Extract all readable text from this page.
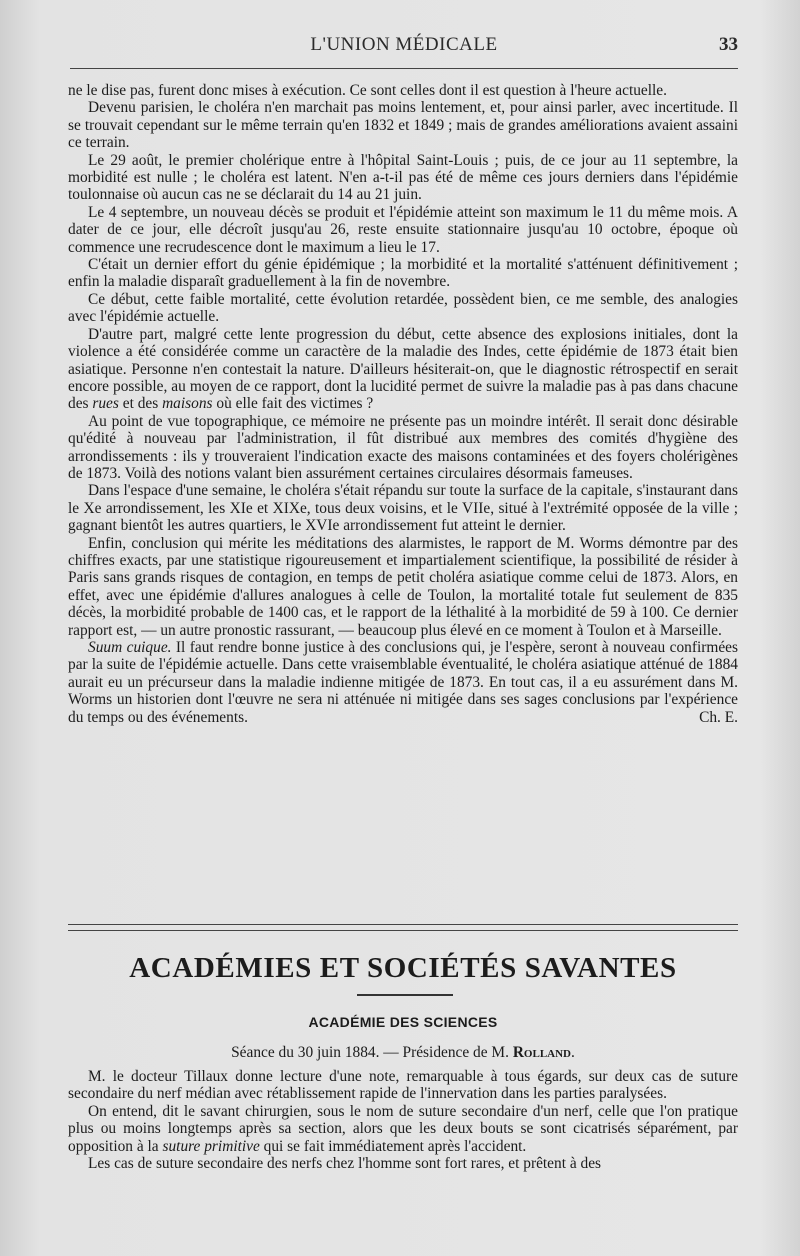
L'UNION MÉDICALE	33

ne le dise pas, furent donc mises à exécution. Ce sont celles dont il est question à l'heure actuelle.

Devenu parisien, le choléra n'en marchait pas moins lentement, et, pour ainsi parler, avec incertitude. Il se trouvait cependant sur le même terrain qu'en 1832 et 1849 ; mais de grandes améliorations avaient assaini ce terrain.

Le 29 août, le premier cholérique entre à l'hôpital Saint-Louis ; puis, de ce jour au 11 septembre, la morbidité est nulle ; le choléra est latent. N'en a-t-il pas été de même ces jours derniers dans l'épidémie toulonnaise où aucun cas ne se déclarait du 14 au 21 juin.

Le 4 septembre, un nouveau décès se produit et l'épidémie atteint son maximum le 11 du même mois. A dater de ce jour, elle décroît jusqu'au 26, reste ensuite stationnaire jusqu'au 10 octobre, époque où commence une recrudescence dont le maximum a lieu le 17.

C'était un dernier effort du génie épidémique ; la morbidité et la mortalité s'atténuent définitivement ; enfin la maladie disparaît graduellement à la fin de novembre.

Ce début, cette faible mortalité, cette évolution retardée, possèdent bien, ce me semble, des analogies avec l'épidémie actuelle.

D'autre part, malgré cette lente progression du début, cette absence des explosions initiales, dont la violence a été considérée comme un caractère de la maladie des Indes, cette épidémie de 1873 était bien asiatique. Personne n'en contestait la nature. D'ailleurs hésiterait-on, que le diagnostic rétrospectif en serait encore possible, au moyen de ce rapport, dont la lucidité permet de suivre la maladie pas à pas dans chacune des rues et des maisons où elle fait des victimes ?

Au point de vue topographique, ce mémoire ne présente pas un moindre intérêt. Il serait donc désirable qu'édité à nouveau par l'administration, il fût distribué aux membres des comités d'hygiène des arrondissements : ils y trouveraient l'indication exacte des maisons contaminées et des foyers cholérigènes de 1873. Voilà des notions valant bien assurément certaines circulaires désormais fameuses.

Dans l'espace d'une semaine, le choléra s'était répandu sur toute la surface de la capitale, s'instaurant dans le Xe arrondissement, les XIe et XIXe, tous deux voisins, et le VIIe, situé à l'extrémité opposée de la ville ; gagnant bientôt les autres quartiers, le XVIe arrondissement fut atteint le dernier.

Enfin, conclusion qui mérite les méditations des alarmistes, le rapport de M. Worms démontre par des chiffres exacts, par une statistique rigoureusement et impartialement scientifique, la possibilité de résider à Paris sans grands risques de contagion, en temps de petit choléra asiatique comme celui de 1873. Alors, en effet, avec une épidémie d'allures analogues à celle de Toulon, la mortalité totale fut seulement de 835 décès, la morbidité probable de 1400 cas, et le rapport de la léthalité à la morbidité de 59 à 100. Ce dernier rapport est, — un autre pronostic rassurant, — beaucoup plus élevé en ce moment à Toulon et à Marseille.

Suum cuique. Il faut rendre bonne justice à des conclusions qui, je l'espère, seront à nouveau confirmées par la suite de l'épidémie actuelle. Dans cette vraisemblable éventualité, le choléra asiatique atténué de 1884 aurait eu un précurseur dans la maladie indienne mitigée de 1873. En tout cas, il a eu assurément dans M. Worms un historien dont l'œuvre ne sera ni atténuée ni mitigée dans ses sages conclusions par l'expérience du temps ou des événements.	Ch. E.

ACADÉMIES ET SOCIÉTÉS SAVANTES
ACADÉMIE DES SCIENCES
Séance du 30 juin 1884. — Présidence de M. Rolland.

M. le docteur Tillaux donne lecture d'une note, remarquable à tous égards, sur deux cas de suture secondaire du nerf médian avec rétablissement rapide de l'innervation dans les parties paralysées.

On entend, dit le savant chirurgien, sous le nom de suture secondaire d'un nerf, celle que l'on pratique plus ou moins longtemps après sa section, alors que les deux bouts se sont cicatrisés séparément, par opposition à la suture primitive qui se fait immédiatement après l'accident.

Les cas de suture secondaire des nerfs chez l'homme sont fort rares, et prêtent à des
